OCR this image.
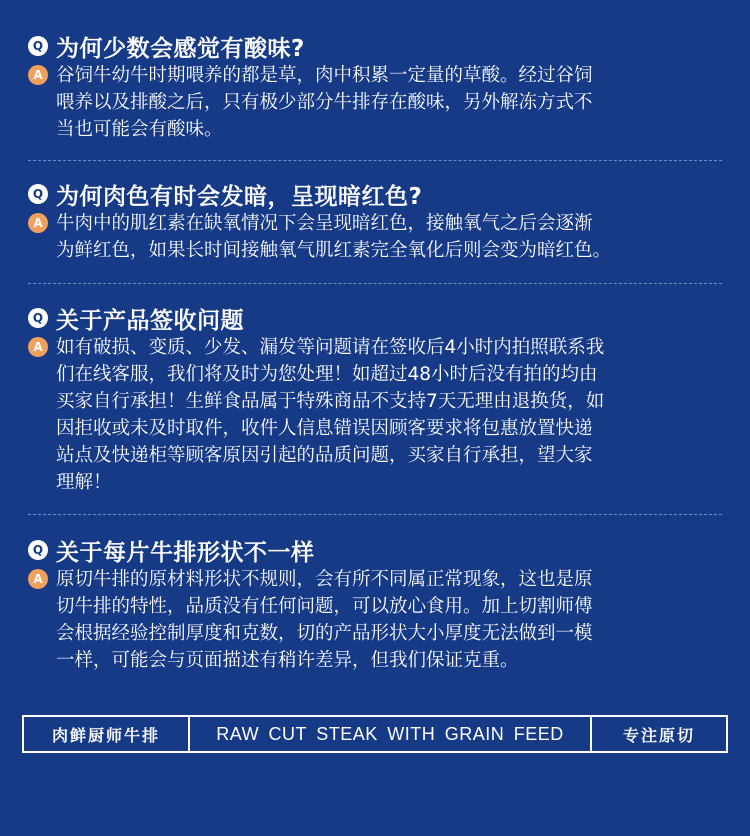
Q 为何少数会感觉有酸味?
A 谷饲牛幼牛时期喂养的都是草，肉中积累一定量的草酸。经过谷饲
喂养以及排酸之后，只有极少部分牛排存在酸味，另外解冻方式不
当也可能会有酸味。
Q 为何肉色有时会发暗，呈现暗红色?
A 牛肉中的肌红素在缺氧情况下会呈现暗红色，接触氧气之后会逐渐
为鲜红色，如果长时间接触氧气肌红素完全氧化后则会变为暗红色。
Q 关于产品签收问题
A 如有破损、变质、少发、漏发等问题请在签收后4小时内拍照联系我
们在线客服，我们将及时为您处理！如超过48小时后没有拍的均由
买家自行承担！生鲜食品属于特殊商品不支持7天无理由退换货，如
因拒收或未及时取件，收件人信息错误因顾客要求将包惠放置快递
站点及快递柜等顾客原因引起的品质问题，买家自行承担，望大家
理解！
Q 关于每片牛排形状不一样
A 原切牛排的原材料形状不规则，会有所不同属正常现象，这也是原
切牛排的特性，品质没有任何问题，可以放心食用。加上切割师傅
会根据经验控制厚度和克数，切的产品形状大小厚度无法做到一模
一样，可能会与页面描述有稍许差异，但我们保证克重。
肉鲜厨师牛排	RAW CUT STEAK WITH GRAIN FEED	专注原切
